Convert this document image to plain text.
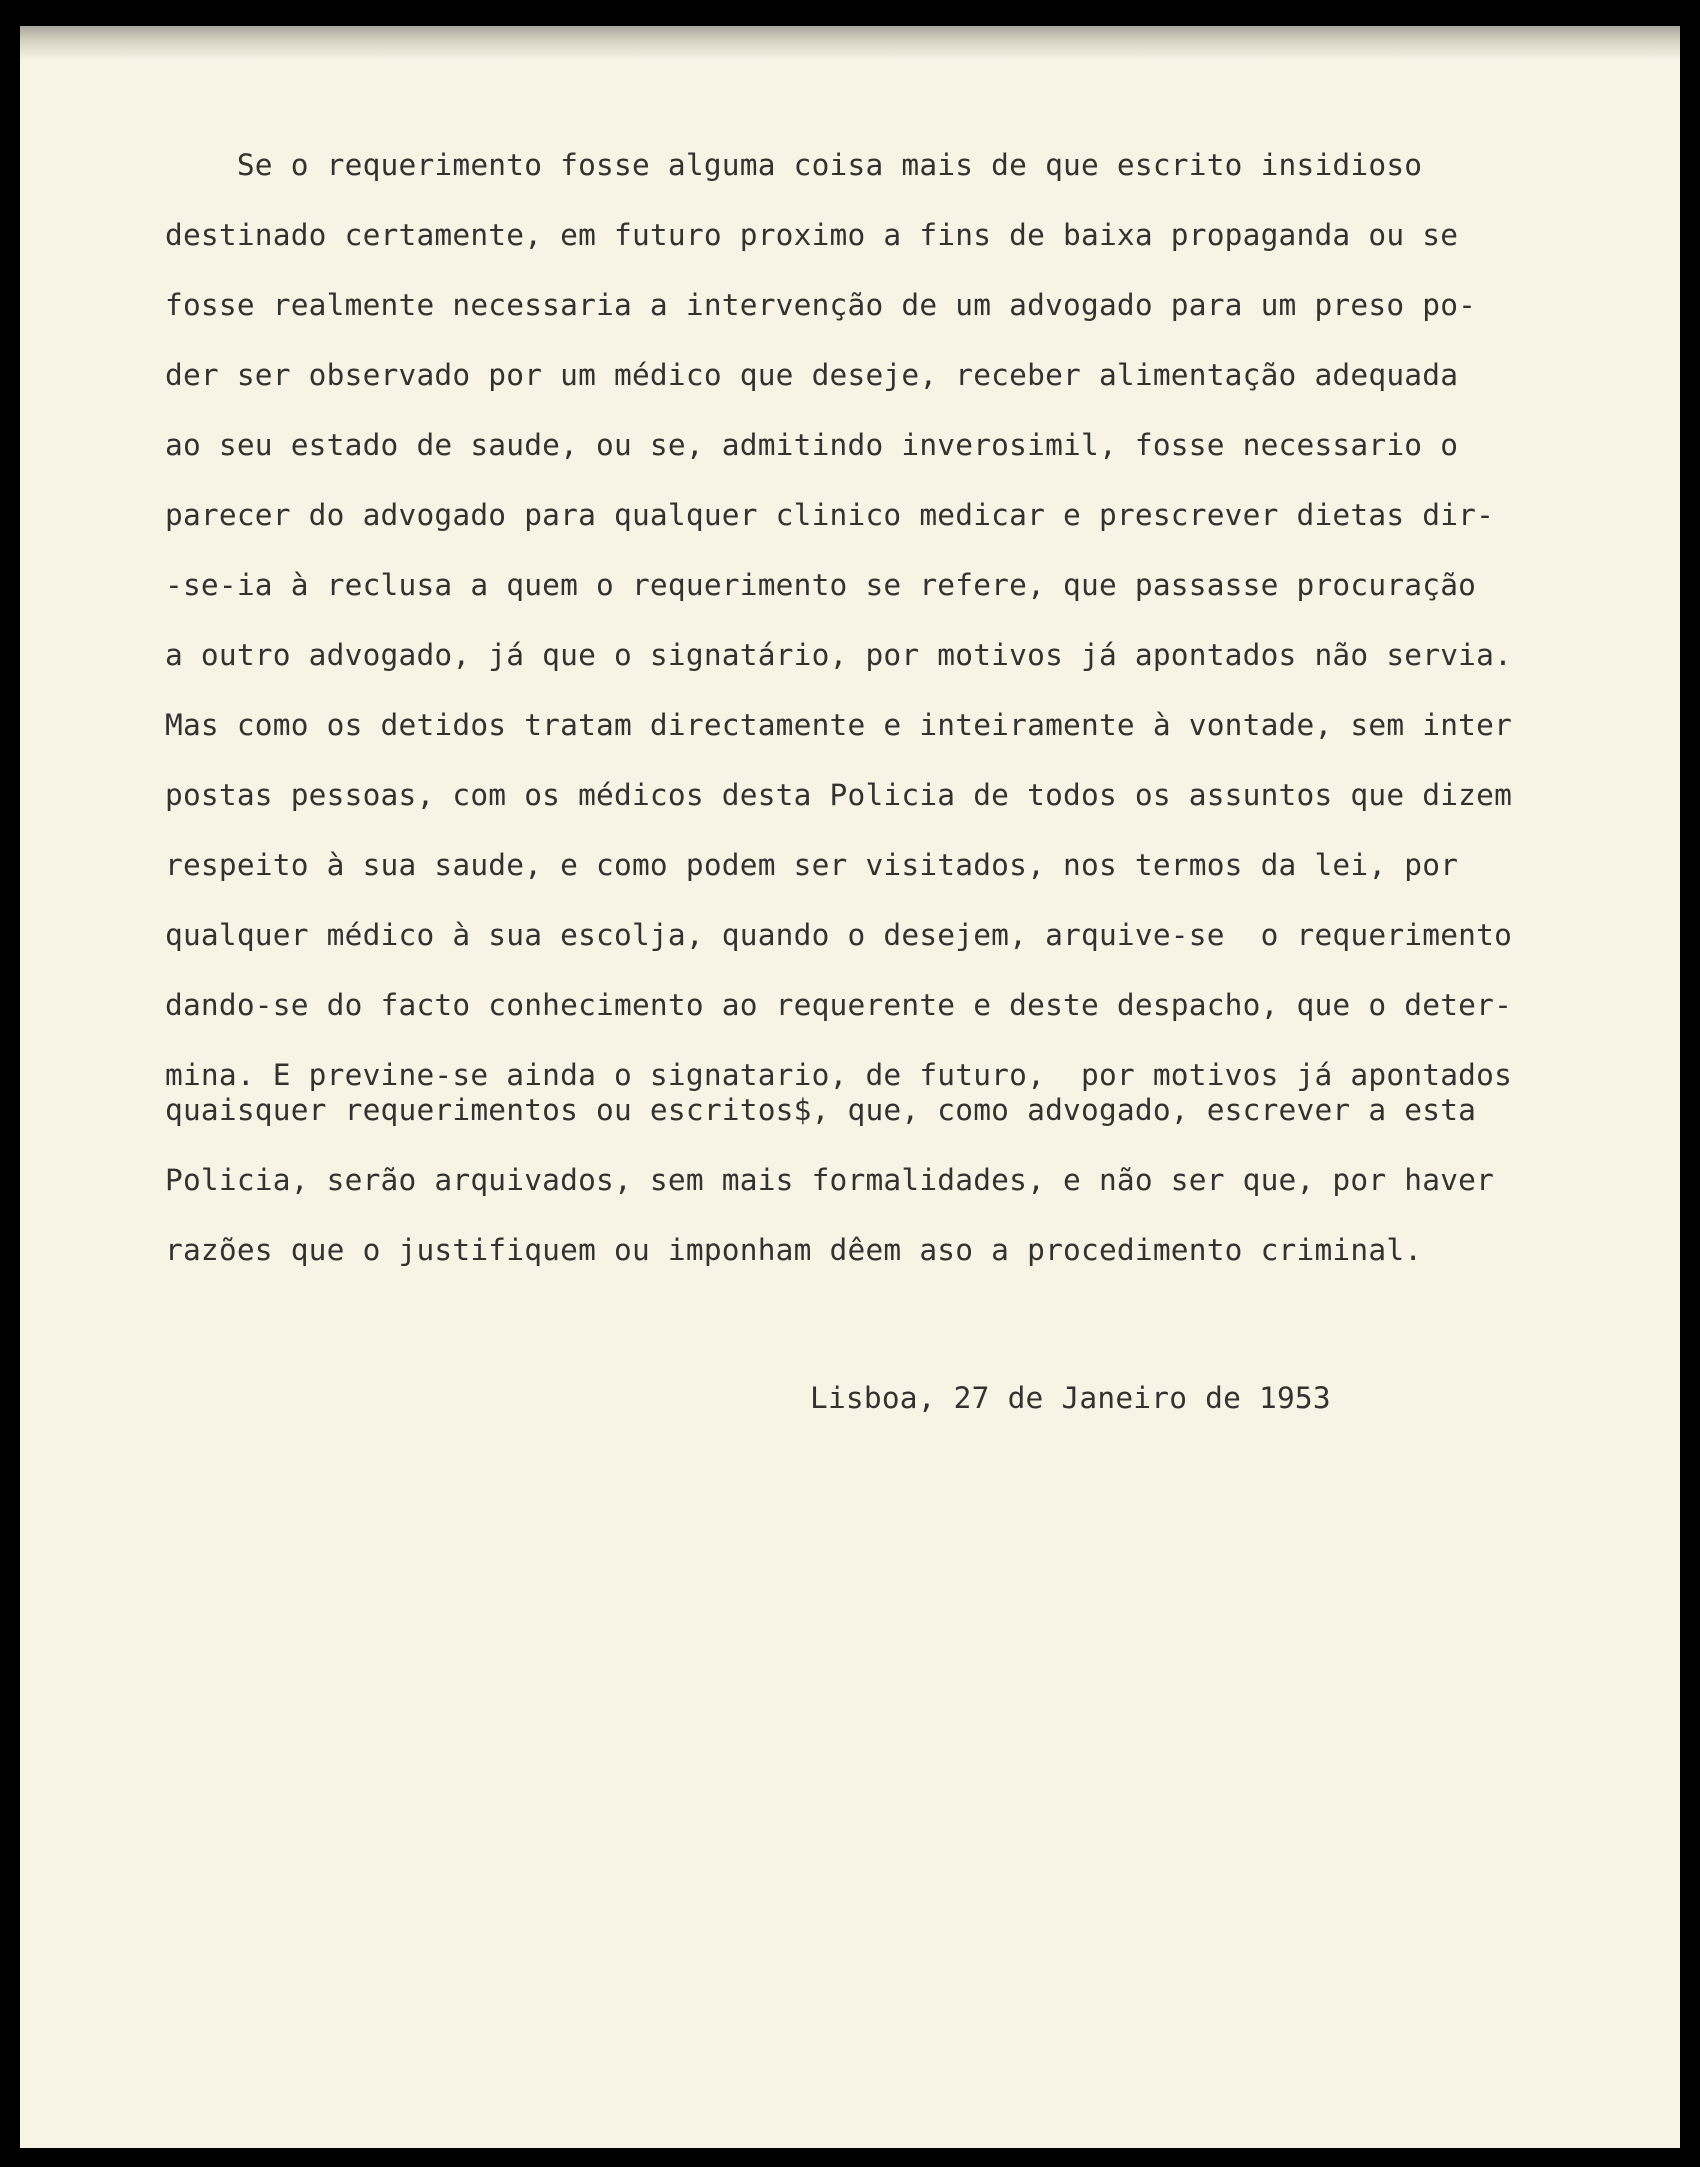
Se o requerimento fosse alguma coisa mais de que escrito insidioso
destinado certamente, em futuro proximo a fins de baixa propaganda ou se
fosse realmente necessaria a intervenção de um advogado para um preso po-
der ser observado por um médico que deseje, receber alimentação adequada
ao seu estado de saude, ou se, admitindo inverosimil, fosse necessario o
parecer do advogado para qualquer clinico medicar e prescrever dietas dir-
-se-ia à reclusa a quem o requerimento se refere, que passasse procuração
a outro advogado, já que o signatário, por motivos já apontados não servia.
Mas como os detidos tratam directamente e inteiramente à vontade, sem inter
postas pessoas, com os médicos desta Policia de todos os assuntos que dizem
respeito à sua saude, e como podem ser visitados, nos termos da lei, por
qualquer médico à sua escolja, quando o desejem, arquive-se  o requerimento
dando-se do facto conhecimento ao requerente e deste despacho, que o deter-
mina. E previne-se ainda o signatario, de futuro,  por motivos já apontados
quaisquer requerimentos ou escritos$, que, como advogado, escrever a esta
Policia, serão arquivados, sem mais formalidades, e não ser que, por haver
razões que o justifiquem ou imponham dêem aso a procedimento criminal.
Lisboa, 27 de Janeiro de 1953
